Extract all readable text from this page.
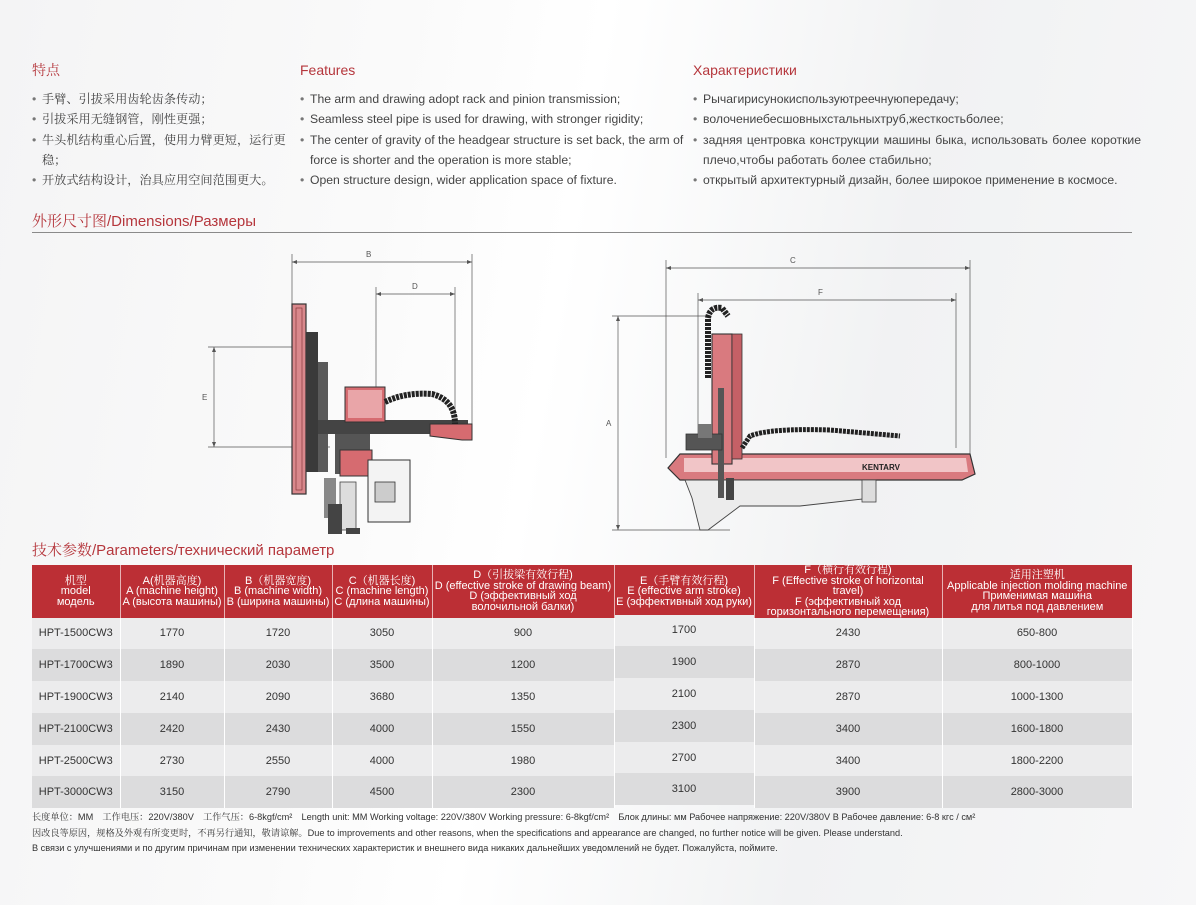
特点
• 手臂、引拔采用齿轮齿条传动；
• 引拔采用无缝钢管，刚性更强；
• 牛头机结构重心后置，使用力臂更短，运行更稳；
• 开放式结构设计，治具应用空间范围更大。
Features
• The arm and drawing adopt rack and pinion transmission;
• Seamless steel pipe is used for drawing, with stronger rigidity;
• The center of gravity of the headgear structure is set back, the arm of force is shorter and the operation is more stable;
• Open structure design, wider application space of fixture.
Характеристики
• Рычагирисунокиспользуютреечнуюпередачу;
• волочениебесшовныхстальныхтруб,жесткостьболее;
• задняя центровка конструкции машины быка, использовать более короткие плечо,чтобы работать более стабильно;
• открытый архитектурный дизайн, более широкое применение в космосе.
外形尺寸图/Dimensions/Размеры
B
D
E
C
F
A
KENTARV
技术参数/Parameters/технический параметр
机型
model
модель	A(机器高度)
A (machine height)
A (высота машины)	B（机器宽度)
B (machine width)
B (ширина машины)	C（机器长度)
C (machine length)
C (длина машины)	D（引拔梁有效行程)
D (effective stroke of drawing beam)
D (эффективный ход
волочильной балки)	E（手臂有效行程)
E (effective arm stroke)
E (эффективный ход руки)	F（横行有效行程)
F (Effective stroke of horizontal travel)
F (эффективный ход
горизонтального перемещения)	适用注塑机
Applicable injection molding machine
Применимая машина
для литья под давлением

HPT-1500CW3	1770	1720	3050	900	1700	2430	650-800
HPT-1700CW3	1890	2030	3500	1200	1900	2870	800-1000
HPT-1900CW3	2140	2090	3680	1350	2100	2870	1000-1300
HPT-2100CW3	2420	2430	4000	1550	2300	3400	1600-1800
HPT-2500CW3	2730	2550	4000	1980	2700	3400	1800-2200
HPT-3000CW3	3150	2790	4500	2300	3100	3900	2800-3000
长度单位：MM　工作电压：220V/380V　工作气压：6-8kgf/cm²　Length unit: MM Working voltage: 220V/380V Working pressure: 6-8kgf/cm²　Блок длины: мм Рабочее напряжение: 220V/380V В Рабочее давление: 6-8 кгс / см²
因改良等原因，规格及外观有所变更时，不再另行通知，敬请谅解。Due to improvements and other reasons, when the specifications and appearance are changed, no further notice will be given. Please understand.
В связи с улучшениями и по другим причинам при изменении технических характеристик и внешнего вида никаких дальнейших уведомлений не будет. Пожалуйста, поймите.
